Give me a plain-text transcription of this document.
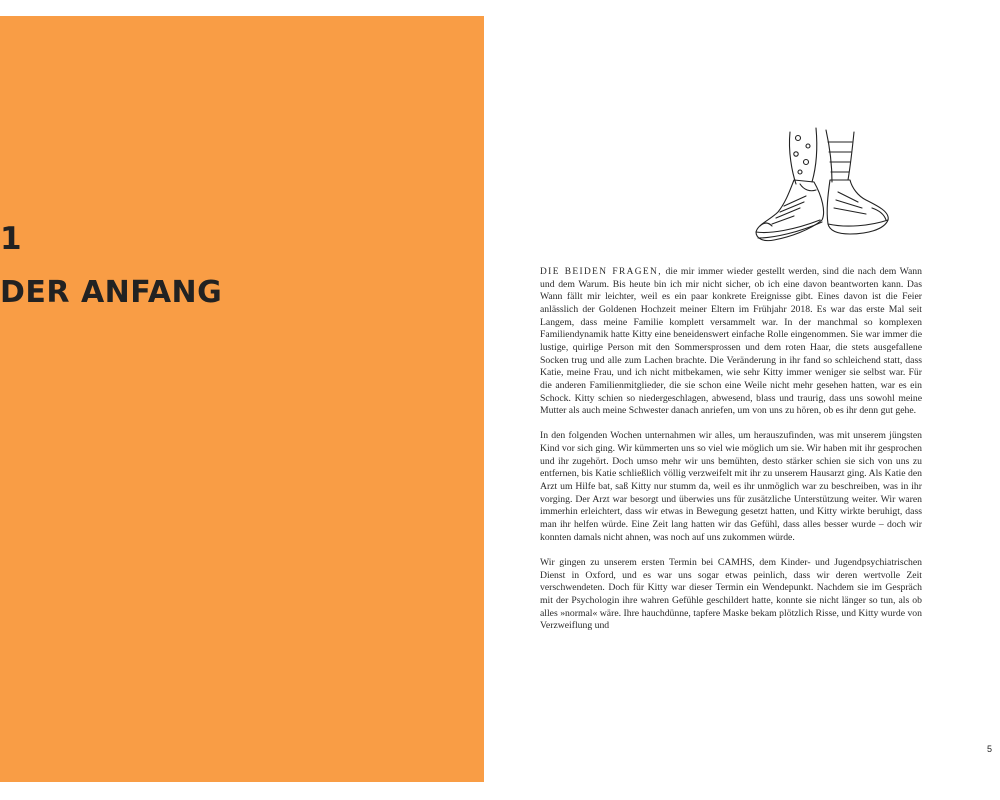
1
DER ANFANG

DIE BEIDEN FRAGEN, die mir immer wieder gestellt werden, sind die nach dem Wann und dem Warum. Bis heute bin ich mir nicht sicher, ob ich eine davon beantworten kann. Das Wann fällt mir leichter, weil es ein paar konkrete Ereignisse gibt. Eines davon ist die Feier anlässlich der Goldenen Hochzeit meiner Eltern im Frühjahr 2018. Es war das erste Mal seit Langem, dass meine Familie komplett versammelt war. In der manchmal so komplexen Familiendynamik hatte Kitty eine beneidenswert einfache Rolle eingenommen. Sie war immer die lustige, quirlige Person mit den Sommersprossen und dem roten Haar, die stets ausgefallene Socken trug und alle zum Lachen brachte. Die Veränderung in ihr fand so schleichend statt, dass Katie, meine Frau, und ich nicht mitbekamen, wie sehr Kitty immer weniger sie selbst war. Für die anderen Familienmitglieder, die sie schon eine Weile nicht mehr gesehen hatten, war es ein Schock. Kitty schien so niedergeschlagen, abwesend, blass und traurig, dass uns sowohl meine Mutter als auch meine Schwester danach anriefen, um von uns zu hören, ob es ihr denn gut gehe.

In den folgenden Wochen unternahmen wir alles, um herauszufinden, was mit unserem jüngsten Kind vor sich ging. Wir kümmerten uns so viel wie möglich um sie. Wir haben mit ihr gesprochen und ihr zugehört. Doch umso mehr wir uns bemühten, desto stärker schien sie sich von uns zu entfernen, bis Katie schließlich völlig verzweifelt mit ihr zu unserem Hausarzt ging. Als Katie den Arzt um Hilfe bat, saß Kitty nur stumm da, weil es ihr unmöglich war zu beschreiben, was in ihr vorging. Der Arzt war besorgt und überwies uns für zusätzliche Unterstützung weiter. Wir waren immerhin erleichtert, dass wir etwas in Bewegung gesetzt hatten, und Kitty wirkte beruhigt, dass man ihr helfen würde. Eine Zeit lang hatten wir das Gefühl, dass alles besser wurde – doch wir konnten damals nicht ahnen, was noch auf uns zukommen würde.

Wir gingen zu unserem ersten Termin bei CAMHS, dem Kinder- und Jugendpsychiatrischen Dienst in Oxford, und es war uns sogar etwas peinlich, dass wir deren wertvolle Zeit verschwendeten. Doch für Kitty war dieser Termin ein Wendepunkt. Nachdem sie im Gespräch mit der Psychologin ihre wahren Gefühle geschildert hatte, konnte sie nicht länger so tun, als ob alles »normal« wäre. Ihre hauchdünne, tapfere Maske bekam plötzlich Risse, und Kitty wurde von Verzweiflung und

5
